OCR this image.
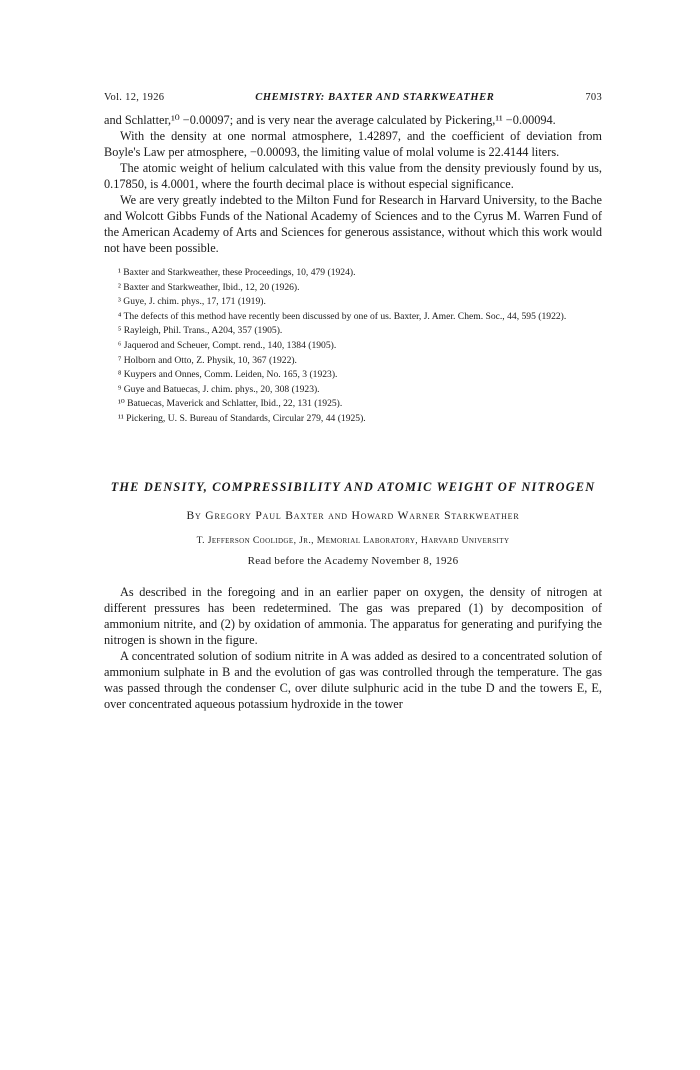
Vol. 12, 1926	CHEMISTRY: BAXTER AND STARKWEATHER	703

and Schlatter,¹⁰ −0.00097; and is very near the average calculated by Pickering,¹¹ −0.00094.

With the density at one normal atmosphere, 1.42897, and the coefficient of deviation from Boyle's Law per atmosphere, −0.00093, the limiting value of molal volume is 22.4144 liters.

The atomic weight of helium calculated with this value from the density previously found by us, 0.17850, is 4.0001, where the fourth decimal place is without especial significance.

We are very greatly indebted to the Milton Fund for Research in Harvard University, to the Bache and Wolcott Gibbs Funds of the National Academy of Sciences and to the Cyrus M. Warren Fund of the American Academy of Arts and Sciences for generous assistance, without which this work would not have been possible.

¹ Baxter and Starkweather, these Proceedings, 10, 479 (1924).
² Baxter and Starkweather, Ibid., 12, 20 (1926).
³ Guye, J. chim. phys., 17, 171 (1919).
⁴ The defects of this method have recently been discussed by one of us. Baxter, J. Amer. Chem. Soc., 44, 595 (1922).
⁵ Rayleigh, Phil. Trans., A204, 357 (1905).
⁶ Jaquerod and Scheuer, Compt. rend., 140, 1384 (1905).
⁷ Holborn and Otto, Z. Physik, 10, 367 (1922).
⁸ Kuypers and Onnes, Comm. Leiden, No. 165, 3 (1923).
⁹ Guye and Batuecas, J. chim. phys., 20, 308 (1923).
¹⁰ Batuecas, Maverick and Schlatter, Ibid., 22, 131 (1925).
¹¹ Pickering, U. S. Bureau of Standards, Circular 279, 44 (1925).
THE DENSITY, COMPRESSIBILITY AND ATOMIC WEIGHT OF NITROGEN
By Gregory Paul Baxter and Howard Warner Starkweather
T. Jefferson Coolidge, Jr., Memorial Laboratory, Harvard University
Read before the Academy November 8, 1926

As described in the foregoing and in an earlier paper on oxygen, the density of nitrogen at different pressures has been redetermined. The gas was prepared (1) by decomposition of ammonium nitrite, and (2) by oxidation of ammonia. The apparatus for generating and purifying the nitrogen is shown in the figure.

A concentrated solution of sodium nitrite in A was added as desired to a concentrated solution of ammonium sulphate in B and the evolution of gas was controlled through the temperature. The gas was passed through the condenser C, over dilute sulphuric acid in the tube D and the towers E, E, over concentrated aqueous potassium hydroxide in the tower
